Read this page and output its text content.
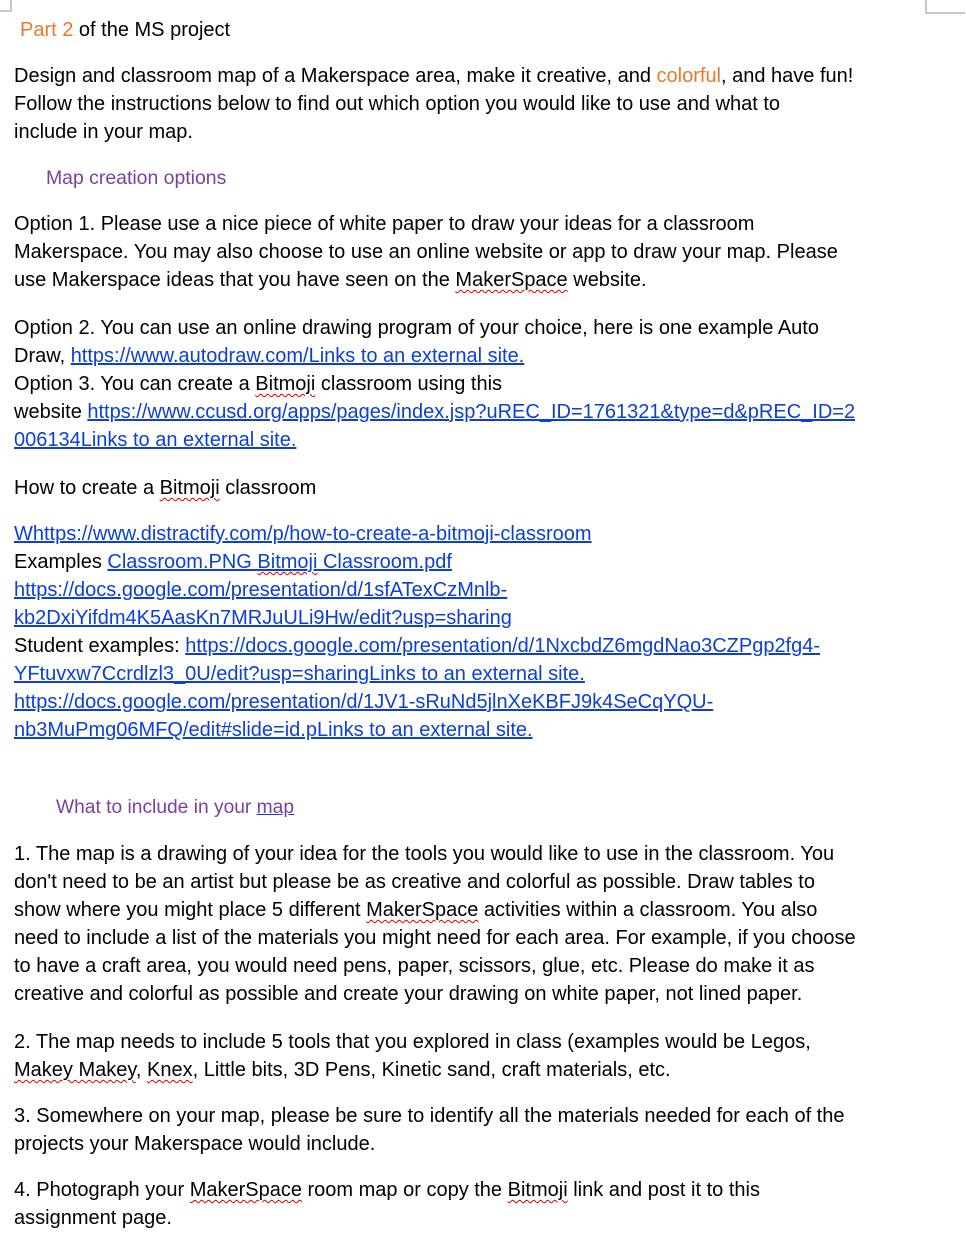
Part 2 of the MS project

Design and classroom map of a Makerspace area, make it creative, and colorful, and have fun!
Follow the instructions below to find out which option you would like to use and what to
include in your map.

Map creation options

Option 1. Please use a nice piece of white paper to draw your ideas for a classroom
Makerspace. You may also choose to use an online website or app to draw your map. Please
use Makerspace ideas that you have seen on the MakerSpace website.
Option 2. You can use an online drawing program of your choice, here is one example Auto
Draw, https://www.autodraw.com/Links to an external site.
Option 3. You can create a Bitmoji classroom using this
website https://www.ccusd.org/apps/pages/index.jsp?uREC_ID=1761321&type=d&pREC_ID=2
006134Links to an external site.

How to create a Bitmoji classroom

Whttps://www.distractify.com/p/how-to-create-a-bitmoji-classroom
Examples Classroom.PNG Bitmoji Classroom.pdf
https://docs.google.com/presentation/d/1sfATexCzMnlb-
kb2DxiYifdm4K5AasKn7MRJuULi9Hw/edit?usp=sharing
Student examples: https://docs.google.com/presentation/d/1NxcbdZ6mgdNao3CZPgp2fg4-
YFtuvxw7Ccrdlzl3_0U/edit?usp=sharingLinks to an external site.
https://docs.google.com/presentation/d/1JV1-sRuNd5jlnXeKBFJ9k4SeCqYQU-
nb3MuPmg06MFQ/edit#slide=id.pLinks to an external site.

What to include in your map

1. The map is a drawing of your idea for the tools you would like to use in the classroom. You
don't need to be an artist but please be as creative and colorful as possible. Draw tables to
show where you might place 5 different MakerSpace activities within a classroom. You also
need to include a list of the materials you might need for each area. For example, if you choose
to have a craft area, you would need pens, paper, scissors, glue, etc. Please do make it as
creative and colorful as possible and create your drawing on white paper, not lined paper.
2. The map needs to include 5 tools that you explored in class (examples would be Legos,
Makey Makey, Knex, Little bits, 3D Pens, Kinetic sand, craft materials, etc.
3. Somewhere on your map, please be sure to identify all the materials needed for each of the
projects your Makerspace would include.
4. Photograph your MakerSpace room map or copy the Bitmoji link and post it to this
assignment page.
